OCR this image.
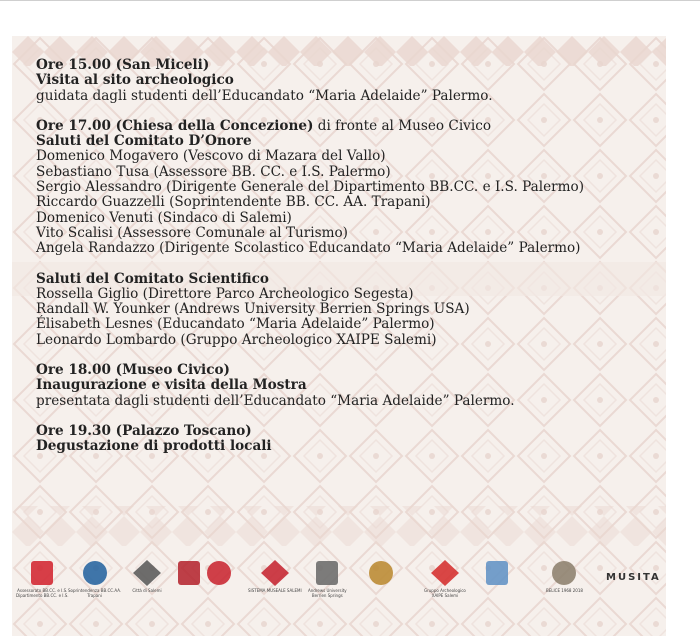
Ore 15.00 (San Miceli)
Visita al sito archeologico
guidata dagli studenti dell’Educandato “Maria Adelaide” Palermo.
Ore 17.00 (Chiesa della Concezione) di fronte al Museo Civico
Saluti del Comitato D’Onore
Domenico Mogavero (Vescovo di Mazara del Vallo)
Sebastiano Tusa (Assessore BB. CC. e I.S. Palermo)
Sergio Alessandro (Dirigente Generale del Dipartimento BB.CC. e I.S. Palermo)
Riccardo Guazzelli (Soprintendente BB. CC. AA. Trapani)
Domenico Venuti (Sindaco di Salemi)
Vito Scalisi (Assessore Comunale al Turismo)
Angela Randazzo (Dirigente Scolastico Educandato “Maria Adelaide” Palermo)
Saluti del Comitato Scientifico
Rossella Giglio (Direttore Parco Archeologico Segesta)
Randall W. Younker (Andrews University Berrien Springs USA)
Élisabeth Lesnes (Educandato “Maria Adelaide” Palermo)
Leonardo Lombardo (Gruppo Archeologico XAIPE Salemi)
Ore 18.00 (Museo Civico)
Inaugurazione e visita della Mostra
presentata dagli studenti dell’Educandato “Maria Adelaide” Palermo.
Ore 19.30 (Palazzo Toscano)
Degustazione di prodotti locali
Assessorato BB.CC. e I.S.
Dipartimento BB.CC. e I.S.
Soprintendenza BB.CC.AA.
Trapani
Città di Salemi	SISTEMA MUSEALE SALEMI Andrews University
Berrien Springs
Gruppo Archeologico
XAIPE Salemi
BELICE 1968 2018
MUSITA
